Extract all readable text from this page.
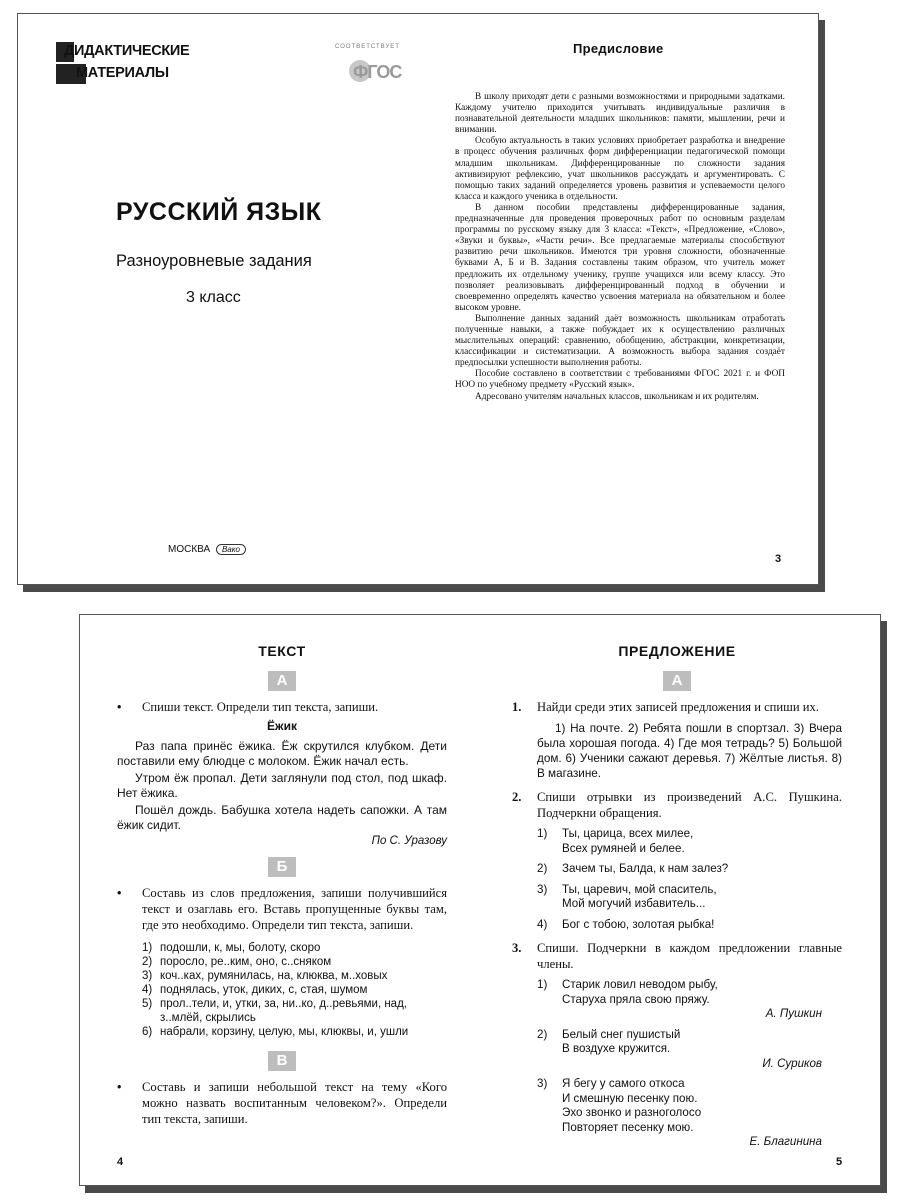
ДИДАКТИЧЕСКИЕ
МАТЕРИАЛЫ
СООТВЕТСТВУЕТ
ФГОС
РУССКИЙ ЯЗЫК
Разноуровневые задания
3 класс
МОСКВА Вако
Предисловие

В школу приходят дети с разными возможностями и природными задатками. Каждому учителю приходится учитывать индивидуальные различия в познавательной деятельности младших школьников: памяти, мышлении, речи и внимании.

Особую актуальность в таких условиях приобретает разработка и внедрение в процесс обучения различных форм дифференциации педагогической помощи младшим школьникам. Дифференцированные по сложности задания активизируют рефлексию, учат школьников рассуждать и аргументировать. С помощью таких заданий определяется уровень развития и успеваемости целого класса и каждого ученика в отдельности.

В данном пособии представлены дифференцированные задания, предназначенные для проведения проверочных работ по основным разделам программы по русскому языку для 3 класса: «Текст», «Предложение, «Слово», «Звуки и буквы», «Части речи». Все предлагаемые материалы способствуют развитию речи школьников. Имеются три уровня сложности, обозначенные буквами А, Б и В. Задания составлены таким образом, что учитель может предложить их отдельному ученику, группе учащихся или всему классу. Это позволяет реализовывать дифференцированный подход в обучении и своевременно определять качество усвоения материала на обязательном и более высоком уровне.

Выполнение данных заданий даёт возможность школьникам отработать полученные навыки, а также побуждает их к осуществлению различных мыслительных операций: сравнению, обобщению, абстракции, конкретизации, классификации и систематизации. А возможность выбора задания создаёт предпосылки успешности выполнения работы.

Пособие составлено в соответствии с требованиями ФГОС 2021 г. и ФОП НОО по учебному предмету «Русский язык».

Адресовано учителям начальных классов, школьникам и их родителям.

3
ТЕКСТ
А
• Спиши текст. Определи тип текста, запиши.
Ёжик

Раз папа принёс ёжика. Ёж скрутился клубком. Дети поставили ему блюдце с молоком. Ёжик начал есть.

Утром ёж пропал. Дети заглянули под стол, под шкаф. Нет ёжика.

Пошёл дождь. Бабушка хотела надеть сапожки. А там ёжик сидит.

По С. Уразову
Б
• Составь из слов предложения, запиши получившийся текст и озаглавь его. Вставь пропущенные буквы там, где это необходимо. Определи тип текста, запиши.
1) подошли, к, мы, болоту, скоро
2) поросло, ре..ким, оно, с..сняком
3) коч..ках, румянилась, на, клюква, м..ховых
4) поднялась, уток, диких, с, стая, шумом
5) прол..тели, и, утки, за, ни..ко, д..ревьями, над, з..млёй, скрылись
6) набрали, корзину, целую, мы, клюквы, и, ушли
В
• Составь и запиши небольшой текст на тему «Кого можно назвать воспитанным человеком?». Определи тип текста, запиши.
4
ПРЕДЛОЖЕНИЕ
А
1. Найди среди этих записей предложения и спиши их.
1) На почте. 2) Ребята пошли в спортзал. 3) Вчера была хорошая погода. 4) Где моя тетрадь? 5) Большой дом. 6) Ученики сажают деревья. 7) Жёлтые листья. 8) В магазине.
2. Спиши отрывки из произведений А.С. Пушкина. Подчеркни обращения.
1) Ты, царица, всех милее,
Всех румяней и белее.
2) Зачем ты, Балда, к нам залез?
3) Ты, царевич, мой спаситель,
Мой могучий избавитель...
4) Бог с тобою, золотая рыбка!
3. Спиши. Подчеркни в каждом предложении главные члены.
1) Старик ловил неводом рыбу,
Старуха пряла свою пряжу.
А. Пушкин
2) Белый снег пушистый
В воздухе кружится.
И. Суриков
3) Я бегу у самого откоса
И смешную песенку пою.
Эхо звонко и разноголосо
Повторяет песенку мою.
Е. Благинина
5
